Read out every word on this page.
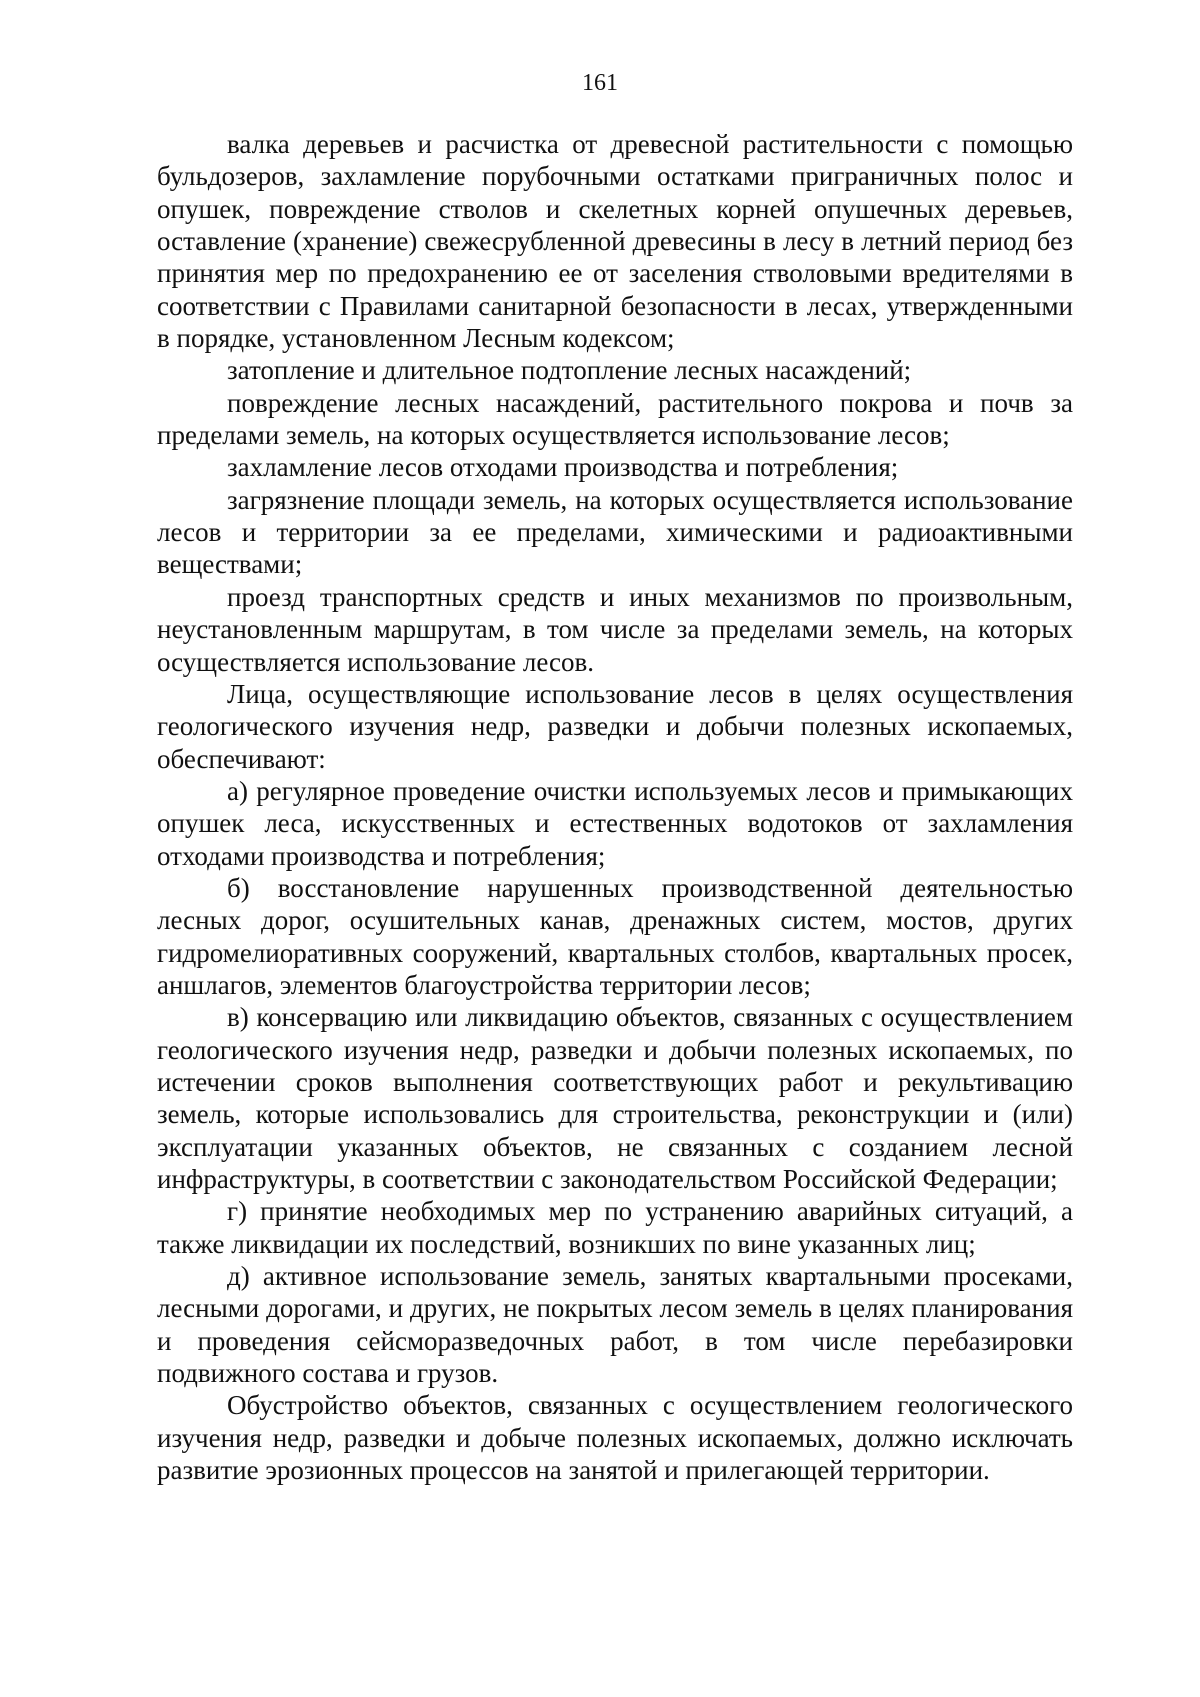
161

валка деревьев и расчистка от древесной растительности с помощью бульдозеров, захламление порубочными остатками приграничных полос и опушек, повреждение стволов и скелетных корней опушечных деревьев, оставление (хранение) свежесрубленной древесины в лесу в летний период без принятия мер по предохранению ее от заселения стволовыми вредителями в соответствии с Правилами санитарной безопасности в лесах, утвержденными в порядке, установленном Лесным кодексом;

затопление и длительное подтопление лесных насаждений;

повреждение лесных насаждений, растительного покрова и почв за пределами земель, на которых осуществляется использование лесов;

захламление лесов отходами производства и потребления;

загрязнение площади земель, на которых осуществляется использование лесов и территории за ее пределами, химическими и радиоактивными веществами;

проезд транспортных средств и иных механизмов по произвольным, неустановленным маршрутам, в том числе за пределами земель, на которых осуществляется использование лесов.

Лица, осуществляющие использование лесов в целях осуществления геологического изучения недр, разведки и добычи полезных ископаемых, обеспечивают:

а) регулярное проведение очистки используемых лесов и примыкающих опушек леса, искусственных и естественных водотоков от захламления отходами производства и потребления;

б) восстановление нарушенных производственной деятельностью лесных дорог, осушительных канав, дренажных систем, мостов, других гидромелиоративных сооружений, квартальных столбов, квартальных просек, аншлагов, элементов благоустройства территории лесов;

в) консервацию или ликвидацию объектов, связанных с осуществлением геологического изучения недр, разведки и добычи полезных ископаемых, по истечении сроков выполнения соответствующих работ и рекультивацию земель, которые использовались для строительства, реконструкции и (или) эксплуатации указанных объектов, не связанных с созданием лесной инфраструктуры, в соответствии с законодательством Российской Федерации;

г) принятие необходимых мер по устранению аварийных ситуаций, а также ликвидации их последствий, возникших по вине указанных лиц;

д) активное использование земель, занятых квартальными просеками, лесными дорогами, и других, не покрытых лесом земель в целях планирования и проведения сейсморазведочных работ, в том числе перебазировки подвижного состава и грузов.

Обустройство объектов, связанных с осуществлением геологического изучения недр, разведки и добыче полезных ископаемых, должно исключать развитие эрозионных процессов на занятой и прилегающей территории.
